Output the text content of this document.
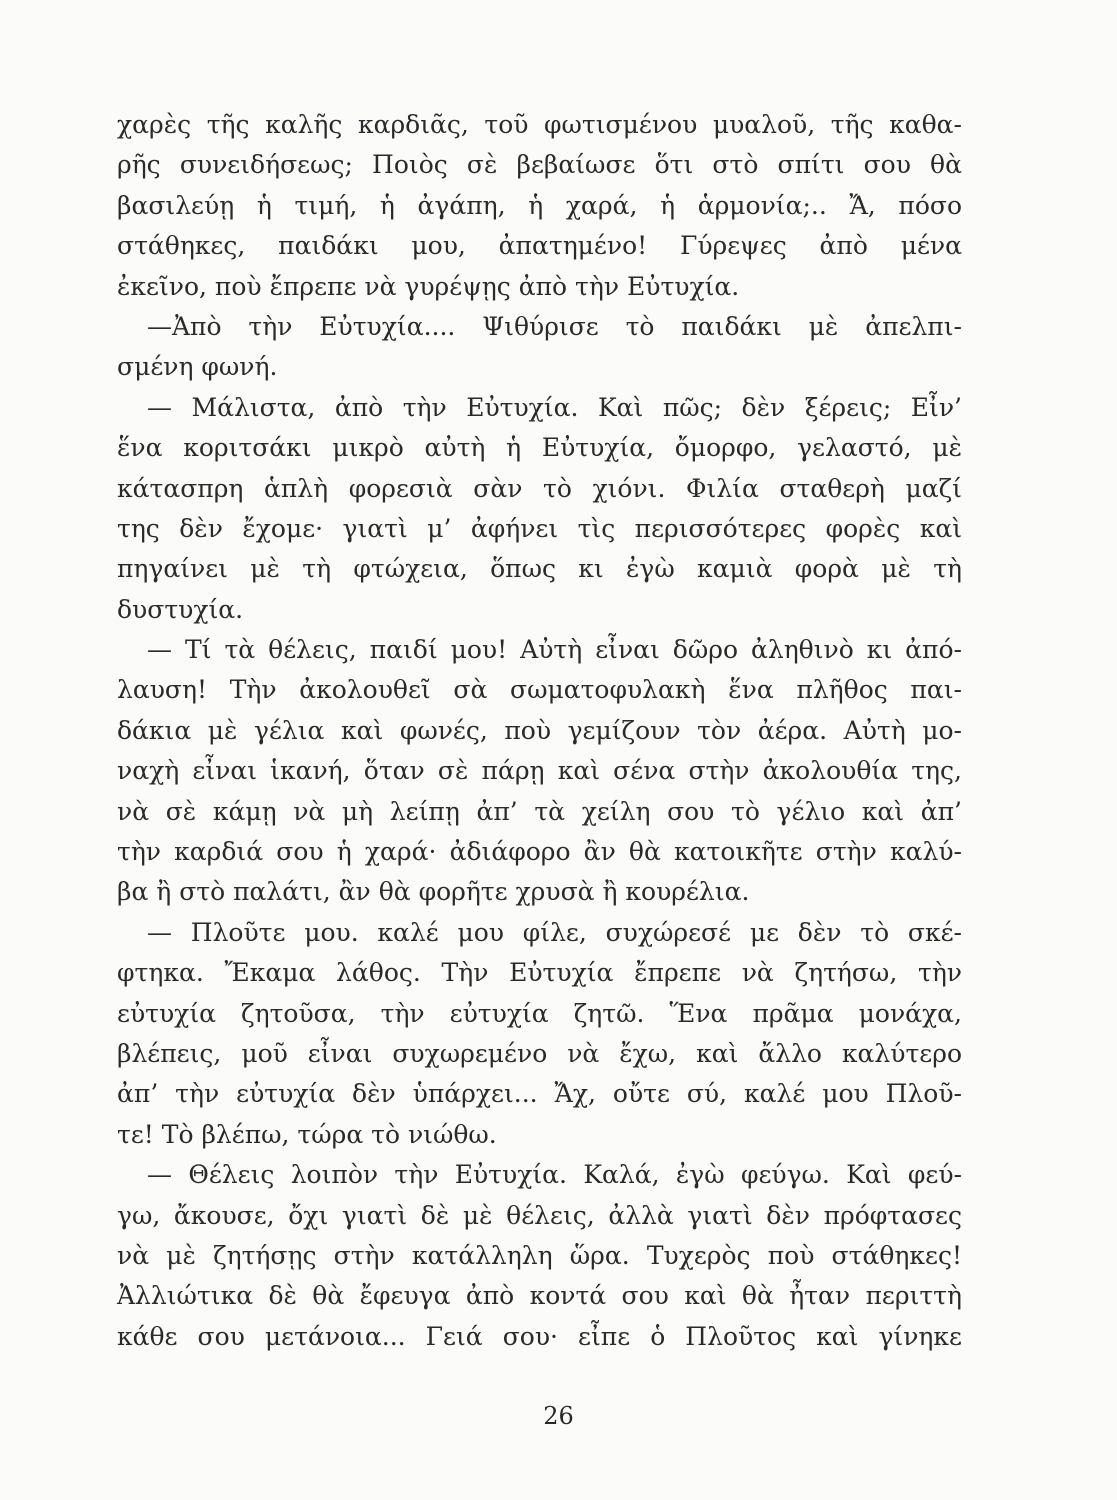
χαρὲς τῆς καλῆς καρδιᾶς, τοῦ φωτισμένου μυαλοῦ, τῆς καθα-
ρῆς συνειδήσεως; Ποιὸς σὲ βεβαίωσε ὅτι στὸ σπίτι σου θὰ
βασιλεύῃ ἡ τιμή, ἡ ἀγάπη, ἡ χαρά, ἡ ἁρμονία;.. Ἄ, πόσο
στάθηκες, παιδάκι μου, ἀπατημένο! Γύρεψες ἀπὸ μένα
ἐκεῖνο, ποὺ ἔπρεπε νὰ γυρέψῃς ἀπὸ τὴν Εὐτυχία.
—Ἀπὸ τὴν Εὐτυχία.... Ψιθύρισε τὸ παιδάκι μὲ ἀπελπι-
σμένη φωνή.
— Μάλιστα, ἀπὸ τὴν Εὐτυχία. Καὶ πῶς; δὲν ξέρεις; Εἶν’
ἕνα κοριτσάκι μικρὸ αὐτὴ ἡ Εὐτυχία, ὄμορφο, γελαστό, μὲ
κάτασπρη ἁπλὴ φορεσιὰ σὰν τὸ χιόνι. Φιλία σταθερὴ μαζί
της δὲν ἔχομε· γιατὶ μ’ ἀφήνει τὶς περισσότερες φορὲς καὶ
πηγαίνει μὲ τὴ φτώχεια, ὅπως κι ἐγὼ καμιὰ φορὰ μὲ τὴ
δυστυχία.
— Τί τὰ θέλεις, παιδί μου! Αὐτὴ εἶναι δῶρο ἀληθινὸ κι ἀπό-
λαυση! Τὴν ἀκολουθεῖ σὰ σωματοφυλακὴ ἕνα πλῆθος παι-
δάκια μὲ γέλια καὶ φωνές, ποὺ γεμίζουν τὸν ἀέρα. Αὐτὴ μο-
ναχὴ εἶναι ἱκανή, ὅταν σὲ πάρῃ καὶ σένα στὴν ἀκολουθία της,
νὰ σὲ κάμῃ νὰ μὴ λείπῃ ἀπ’ τὰ χείλη σου τὸ γέλιο καὶ ἀπ’
τὴν καρδιά σου ἡ χαρά· ἀδιάφορο ἂν θὰ κατοικῆτε στὴν καλύ-
βα ἢ στὸ παλάτι, ἂν θὰ φορῆτε χρυσὰ ἢ κουρέλια.
— Πλοῦτε μου. καλέ μου φίλε, συχώρεσέ με δὲν τὸ σκέ-
φτηκα. Ἔκαμα λάθος. Τὴν Εὐτυχία ἔπρεπε νὰ ζητήσω, τὴν
εὐτυχία ζητοῦσα, τὴν εὐτυχία ζητῶ. Ἕνα πρᾶμα μονάχα,
βλέπεις, μοῦ εἶναι συχωρεμένο νὰ ἔχω, καὶ ἄλλο καλύτερο
ἀπ’ τὴν εὐτυχία δὲν ὑπάρχει... Ἄχ, οὔτε σύ, καλέ μου Πλοῦ-
τε! Τὸ βλέπω, τώρα τὸ νιώθω.
— Θέλεις λοιπὸν τὴν Εὐτυχία. Καλά, ἐγὼ φεύγω. Καὶ φεύ-
γω, ἄκουσε, ὄχι γιατὶ δὲ μὲ θέλεις, ἀλλὰ γιατὶ δὲν πρόφτασες
νὰ μὲ ζητήσῃς στὴν κατάλληλη ὥρα. Τυχερὸς ποὺ στάθηκες!
Ἀλλιώτικα δὲ θὰ ἔφευγα ἀπὸ κοντά σου καὶ θὰ ἦταν περιττὴ
κάθε σου μετάνοια... Γειά σου· εἶπε ὁ Πλοῦτος καὶ γίνηκε
26
